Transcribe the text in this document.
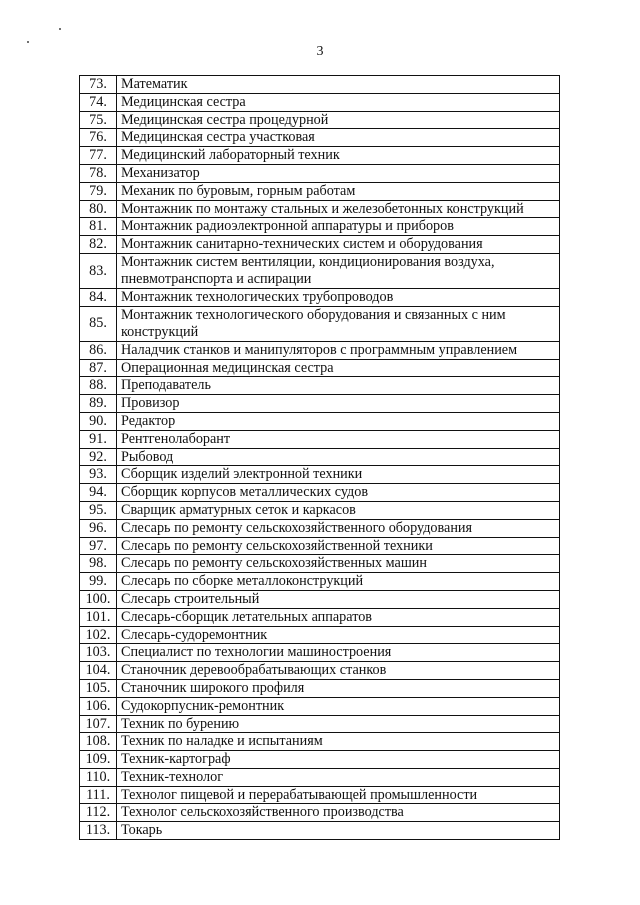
3
73.	Математик
74.	Медицинская сестра
75.	Медицинская сестра процедурной
76.	Медицинская сестра участковая
77.	Медицинский лабораторный техник
78.	Механизатор
79.	Механик по буровым, горным работам
80.	Монтажник по монтажу стальных и железобетонных конструкций
81.	Монтажник радиоэлектронной аппаратуры и приборов
82.	Монтажник санитарно-технических систем и оборудования
83.	Монтажник систем вентиляции, кондиционирования воздуха, пневмотранспорта и аспирации
84.	Монтажник технологических трубопроводов
85.	Монтажник технологического оборудования и связанных с ним конструкций
86.	Наладчик станков и манипуляторов с программным управлением
87.	Операционная медицинская сестра
88.	Преподаватель
89.	Провизор
90.	Редактор
91.	Рентгенолаборант
92.	Рыбовод
93.	Сборщик изделий электронной техники
94.	Сборщик корпусов металлических судов
95.	Сварщик арматурных сеток и каркасов
96.	Слесарь по ремонту сельскохозяйственного оборудования
97.	Слесарь по ремонту сельскохозяйственной техники
98.	Слесарь по ремонту сельскохозяйственных машин
99.	Слесарь по сборке металлоконструкций
100.	Слесарь строительный
101.	Слесарь-сборщик летательных аппаратов
102.	Слесарь-судоремонтник
103.	Специалист по технологии машиностроения
104.	Станочник деревообрабатывающих станков
105.	Станочник широкого профиля
106.	Судокорпусник-ремонтник
107.	Техник по бурению
108.	Техник по наладке и испытаниям
109.	Техник-картограф
110.	Техник-технолог
111.	Технолог пищевой и перерабатывающей промышленности
112.	Технолог сельскохозяйственного производства
113.	Токарь
